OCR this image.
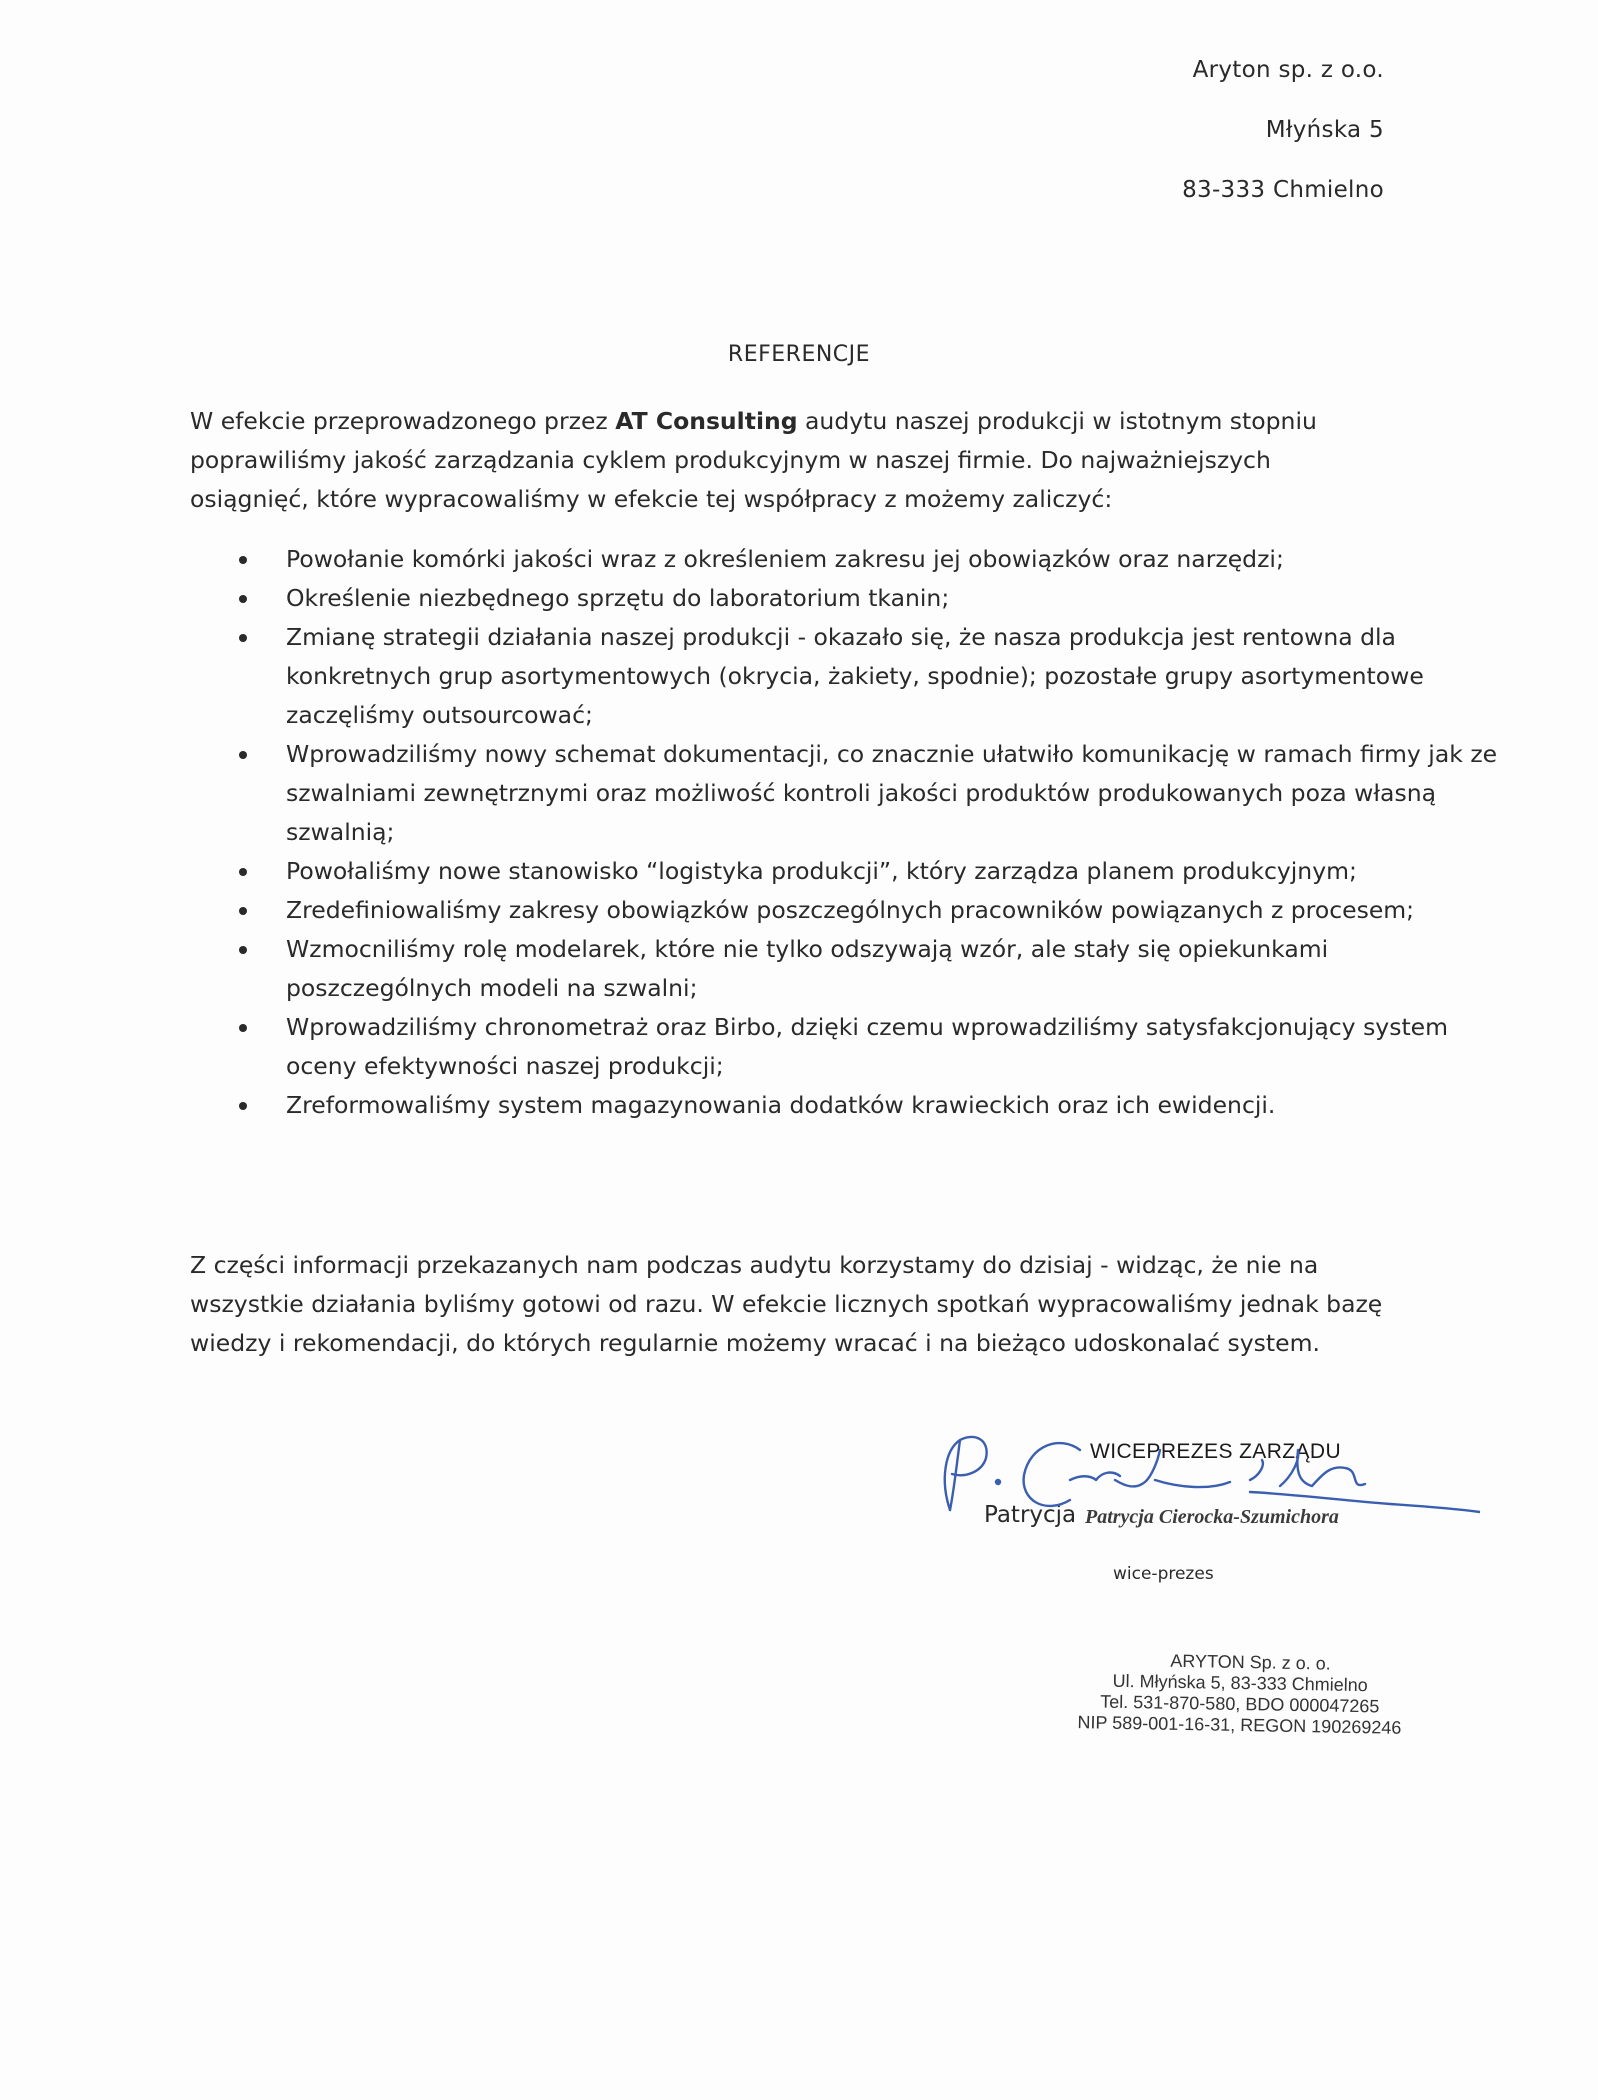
Aryton sp. z o.o.
Młyńska 5
83-333 Chmielno
REFERENCJE
W efekcie przeprowadzonego przez AT Consulting audytu naszej produkcji w istotnym stopniu poprawiliśmy jakość zarządzania cyklem produkcyjnym w naszej firmie. Do najważniejszych osiągnięć, które wypracowaliśmy w efekcie tej współpracy z możemy zaliczyć:
Powołanie komórki jakości wraz z określeniem zakresu jej obowiązków oraz narzędzi;
Określenie niezbędnego sprzętu do laboratorium tkanin;
Zmianę strategii działania naszej produkcji - okazało się, że nasza produkcja jest rentowna dla konkretnych grup asortymentowych (okrycia, żakiety, spodnie); pozostałe grupy asortymentowe zaczęliśmy outsourcować;
Wprowadziliśmy nowy schemat dokumentacji, co znacznie ułatwiło komunikację w ramach firmy jak ze szwalniami zewnętrznymi oraz możliwość kontroli jakości produktów produkowanych poza własną szwalnią;
Powołaliśmy nowe stanowisko “logistyka produkcji”, który zarządza planem produkcyjnym;
Zredefiniowaliśmy zakresy obowiązków poszczególnych pracowników powiązanych z procesem;
Wzmocniliśmy rolę modelarek, które nie tylko odszywają wzór, ale stały się opiekunkami poszczególnych modeli na szwalni;
Wprowadziliśmy chronometraż oraz Birbo, dzięki czemu wprowadziliśmy satysfakcjonujący system oceny efektywności naszej produkcji;
Zreformowaliśmy system magazynowania dodatków krawieckich oraz ich ewidencji.
Z części informacji przekazanych nam podczas audytu korzystamy do dzisiaj - widząc, że nie na wszystkie działania byliśmy gotowi od razu. W efekcie licznych spotkań wypracowaliśmy jednak bazę wiedzy i rekomendacji, do których regularnie możemy wracać i na bieżąco udoskonalać system.
WICEPREZES ZARZĄDU
Patrycja Patrycja Cierocka-Szumichora
wice-prezes
ARYTON Sp. z o. o.
Ul. Młyńska 5, 83-333 Chmielno
Tel. 531-870-580, BDO 000047265
NIP 589-001-16-31, REGON 190269246
